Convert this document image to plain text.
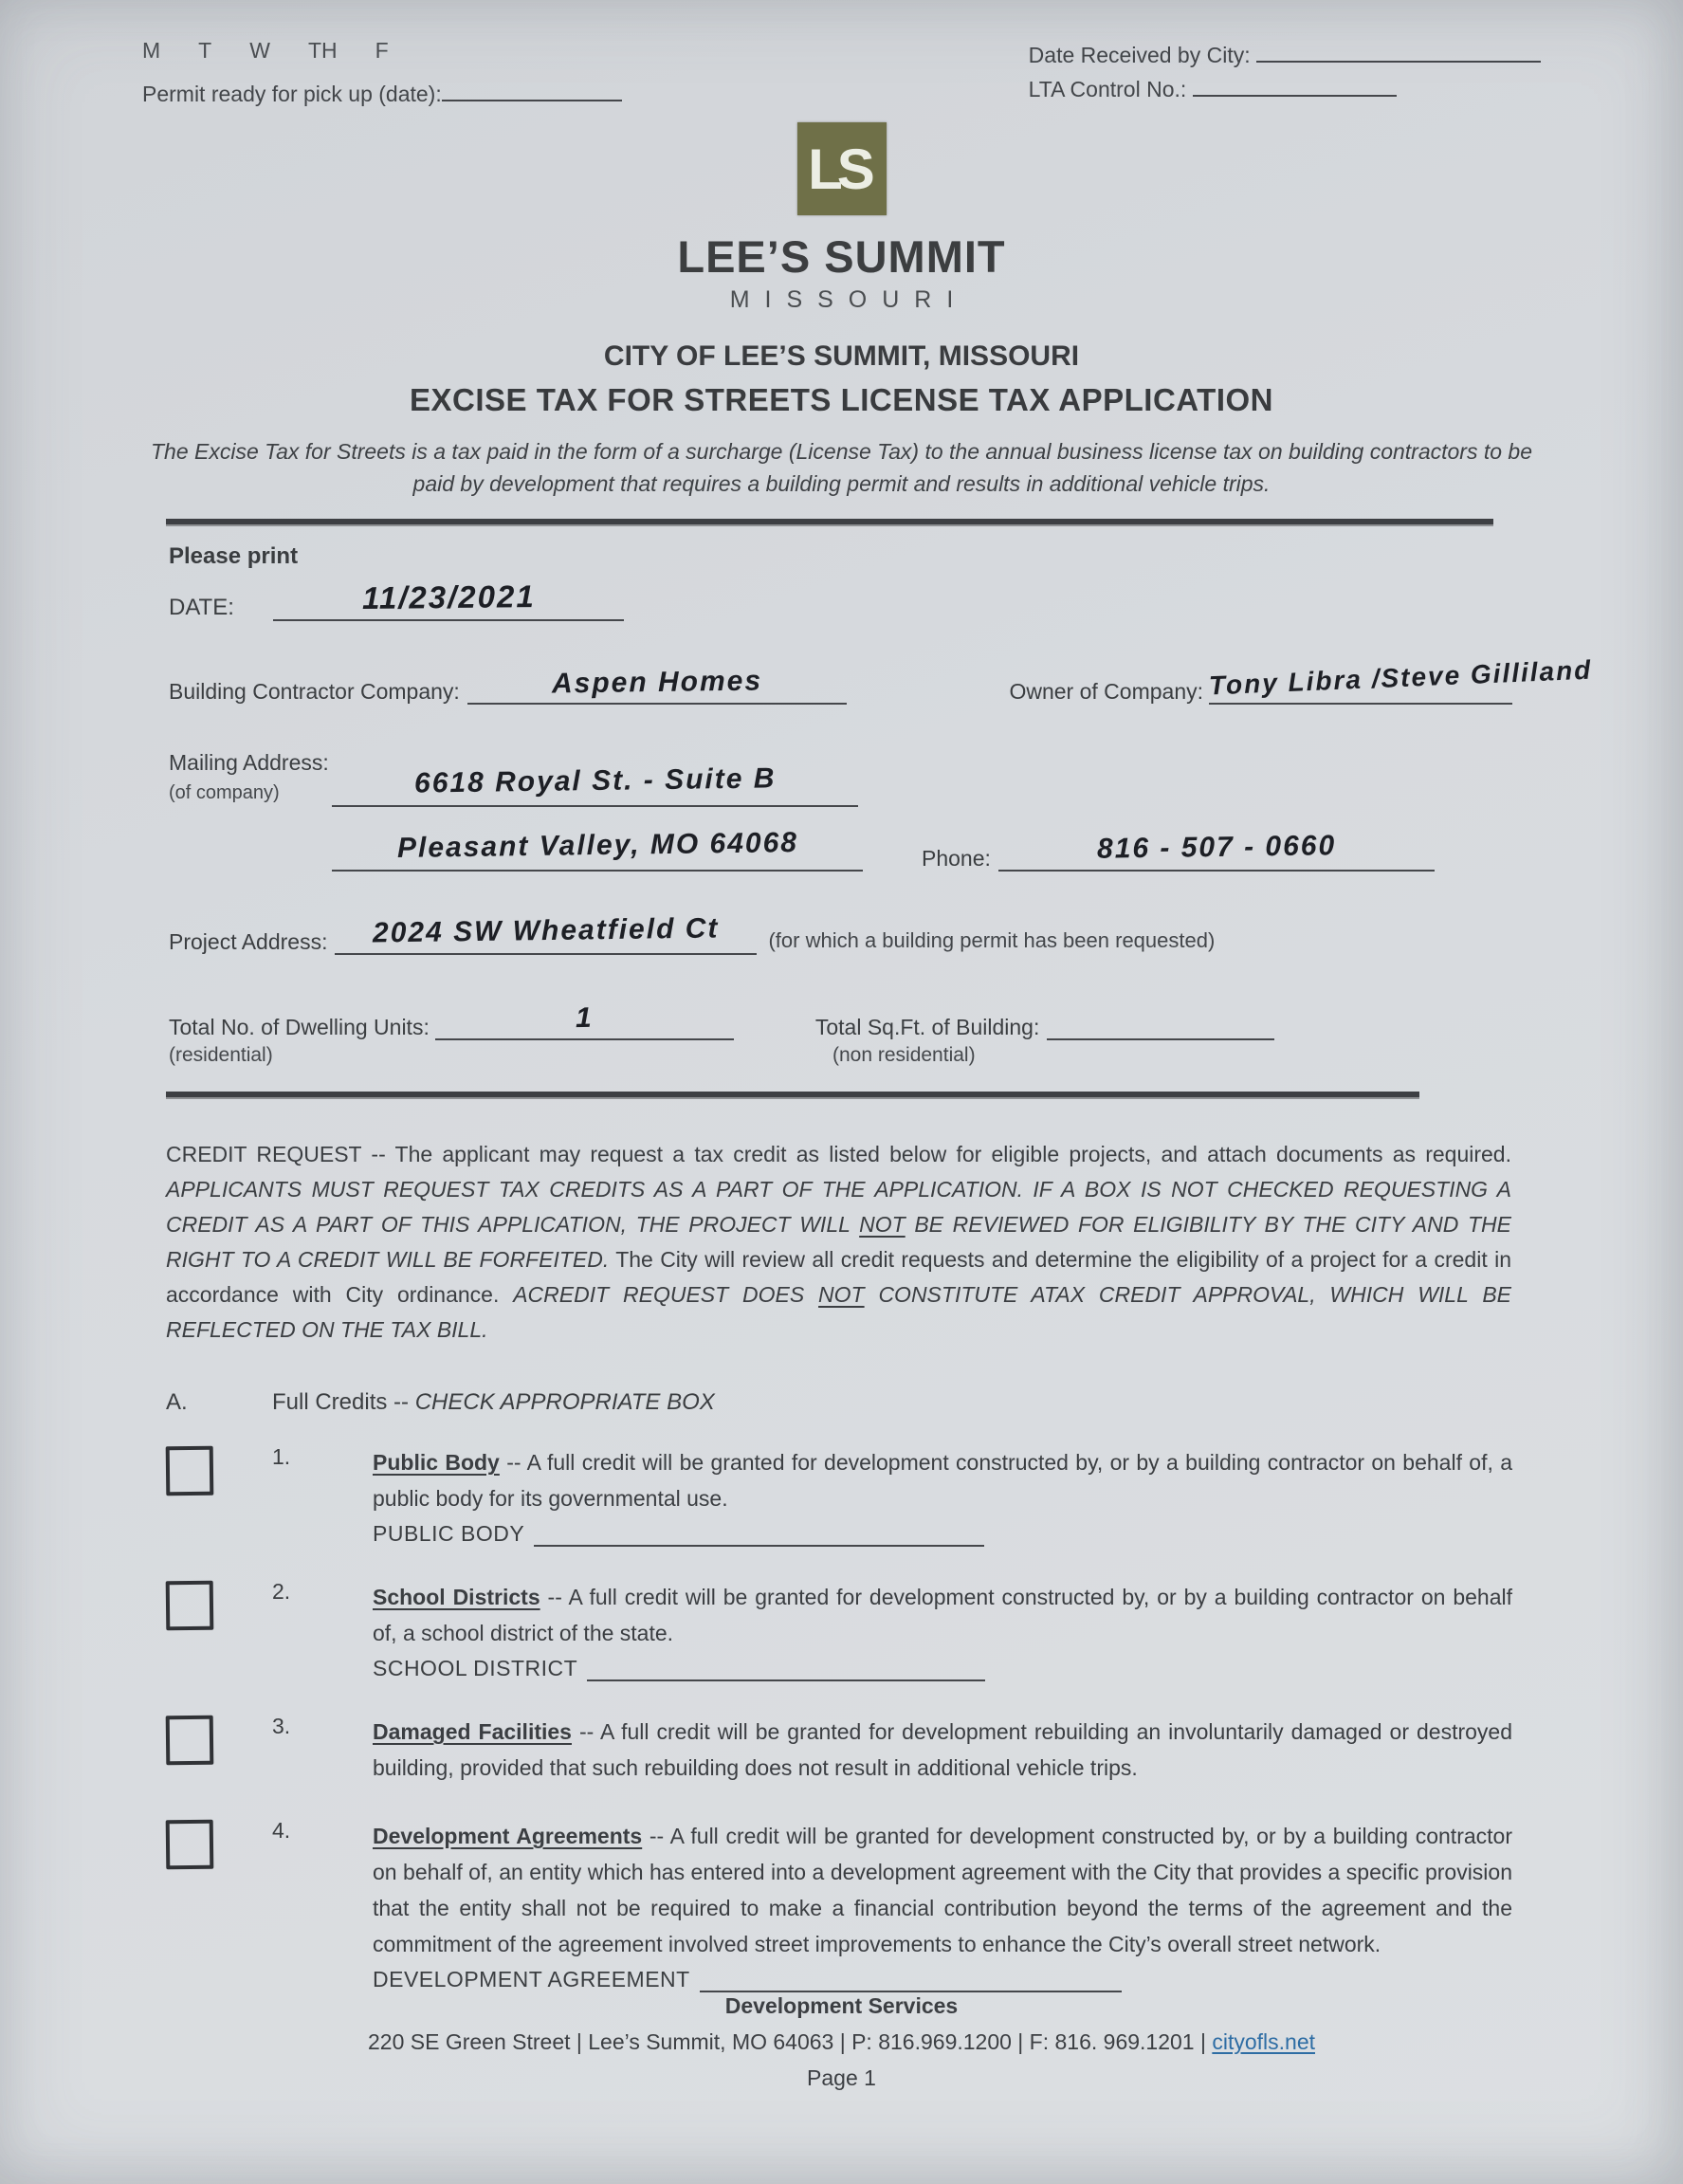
M T W TH F
Permit ready for pick up (date):
Date Received by City:
LTA Control No.:
LS
LEE’S SUMMIT
MISSOURI
CITY OF LEE’S SUMMIT, MISSOURI
EXCISE TAX FOR STREETS LICENSE TAX APPLICATION
The Excise Tax for Streets is a tax paid in the form of a surcharge (License Tax) to the annual business license tax on building contractors to be paid by development that requires a building permit and results in additional vehicle trips.
Please print
DATE:	11/23/2021
Building Contractor Company:	Aspen Homes	Owner of Company: Tony Libra /Steve Gilliland
Mailing Address:
(of company)	6618 Royal St. - Suite B
Pleasant Valley, MO 64068	Phone:	816 - 507 - 0660
Project Address:	2024 SW Wheatfield Ct	(for which a building permit has been requested)
Total No. of Dwelling Units:	1	Total Sq.Ft. of Building:
(residential)	(non residential)
CREDIT REQUEST -- The applicant may request a tax credit as listed below for eligible projects, and attach documents as required. APPLICANTS MUST REQUEST TAX CREDITS AS A PART OF THE APPLICATION. IF A BOX IS NOT CHECKED REQUESTING A CREDIT AS A PART OF THIS APPLICATION, THE PROJECT WILL NOT BE REVIEWED FOR ELIGIBILITY BY THE CITY AND THE RIGHT TO A CREDIT WILL BE FORFEITED. The City will review all credit requests and determine the eligibility of a project for a credit in accordance with City ordinance. ACREDIT REQUEST DOES NOT CONSTITUTE ATAX CREDIT APPROVAL, WHICH WILL BE REFLECTED ON THE TAX BILL.
A.	Full Credits -- CHECK APPROPRIATE BOX
1.	Public Body -- A full credit will be granted for development constructed by, or by a building contractor on behalf of, a public body for its governmental use.
PUBLIC BODY
2.	School Districts -- A full credit will be granted for development constructed by, or by a building contractor on behalf of, a school district of the state.
SCHOOL DISTRICT
3.	Damaged Facilities -- A full credit will be granted for development rebuilding an involuntarily damaged or destroyed building, provided that such rebuilding does not result in additional vehicle trips.
4.	Development Agreements -- A full credit will be granted for development constructed by, or by a building contractor on behalf of, an entity which has entered into a development agreement with the City that provides a specific provision that the entity shall not be required to make a financial contribution beyond the terms of the agreement and the commitment of the agreement involved street improvements to enhance the City’s overall street network.
DEVELOPMENT AGREEMENT
Development Services
220 SE Green Street | Lee’s Summit, MO 64063 | P: 816.969.1200 | F: 816. 969.1201 | cityofls.net
Page 1
